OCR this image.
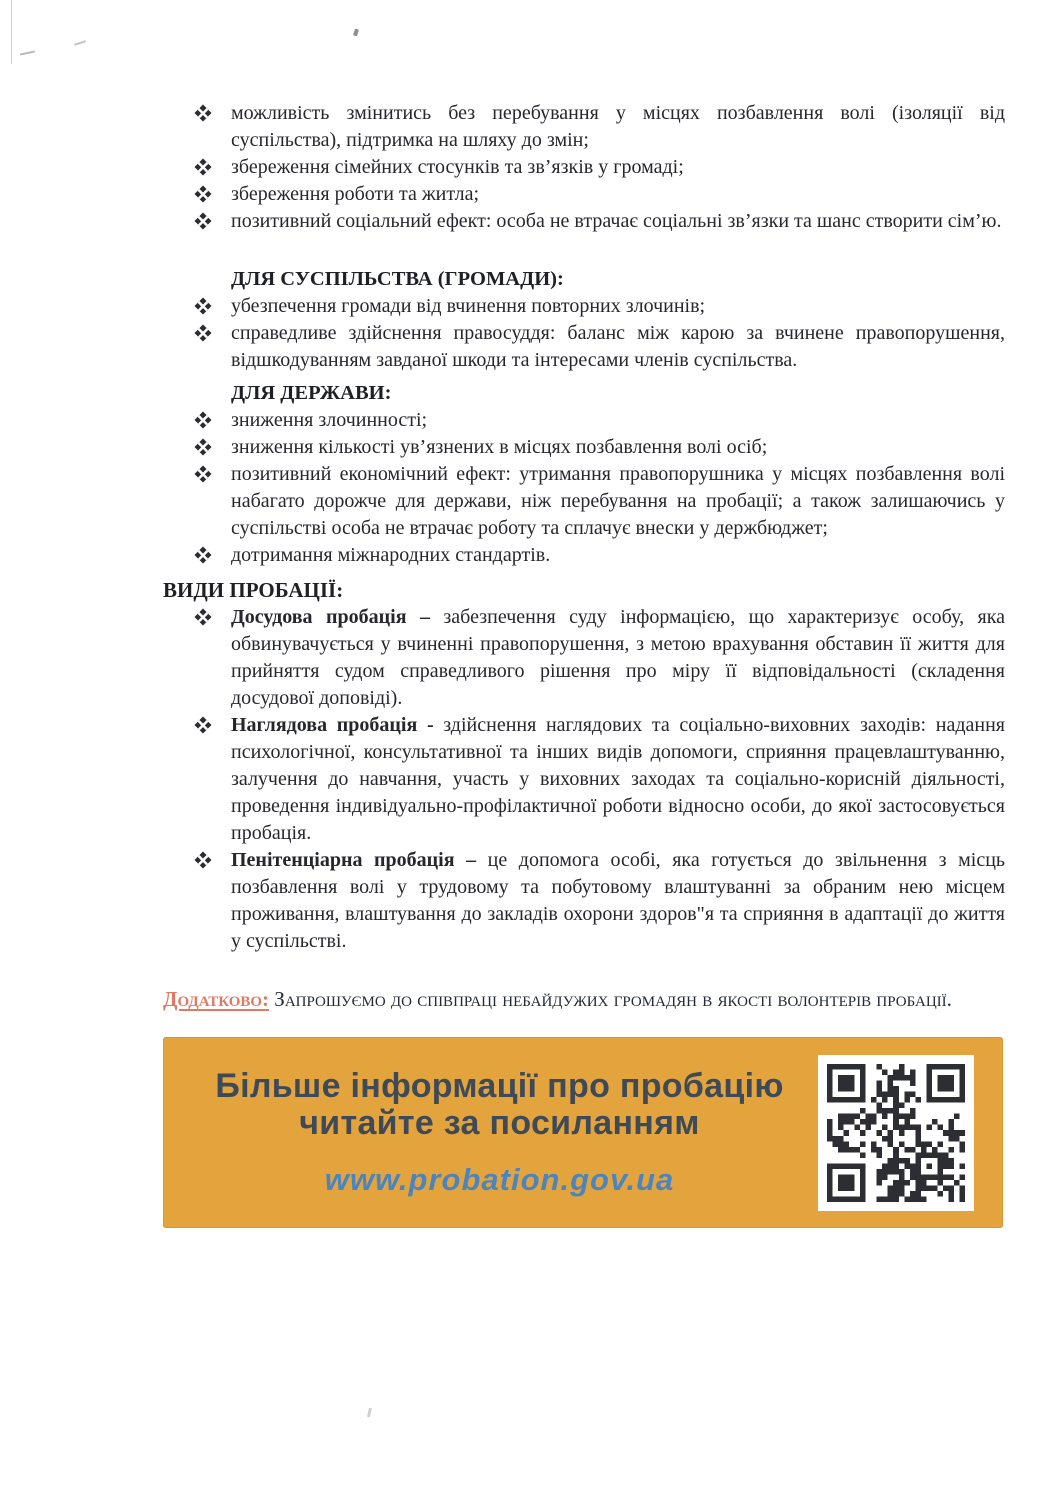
можливість змінитись без перебування у місцях позбавлення волі (ізоляції від суспільства), підтримка на шляху до змін;
збереження сімейних стосунків та зв’язків у громаді;
збереження роботи та житла;
позитивний соціальний ефект: особа не втрачає соціальні зв’язки та шанс створити сім’ю.
ДЛЯ СУСПІЛЬСТВА (ГРОМАДИ):
убезпечення громади від вчинення повторних злочинів;
справедливе здійснення правосуддя: баланс між карою за вчинене правопорушення, відшкодуванням завданої шкоди та інтересами членів суспільства.
ДЛЯ ДЕРЖАВИ:
зниження злочинності;
зниження кількості ув’язнених в місцях позбавлення волі осіб;
позитивний економічний ефект: утримання правопорушника у місцях позбавлення волі набагато дорожче для держави, ніж перебування на пробації; а також залишаючись у суспільстві особа не втрачає роботу та сплачує внески у держбюджет;
дотримання міжнародних стандартів.
ВИДИ ПРОБАЦІЇ:
Досудова пробація – забезпечення суду інформацією, що характеризує особу, яка обвинувачується у вчиненні правопорушення, з метою врахування обставин її життя для прийняття судом справедливого рішення про міру її відповідальності (складення досудової доповіді).
Наглядова пробація - здійснення наглядових та соціально-виховних заходів: надання психологічної, консультативної та інших видів допомоги, сприяння працевлаштуванню, залучення до навчання, участь у виховних заходах та соціально-корисній діяльності, проведення індивідуально-профілактичної роботи відносно особи, до якої застосовується пробація.
Пенітенціарна пробація – це допомога особі, яка готується до звільнення з місць позбавлення волі у трудовому та побутовому влаштуванні за обраним нею місцем проживання, влаштування до закладів охорони здоров"я та сприяння в адаптації до життя у суспільстві.

Додатково: Запрошуємо до співпраці небайдужих громадян в якості волонтерів пробації.

Більше інформації про пробацію
читайте за посиланням
www.probation.gov.ua
